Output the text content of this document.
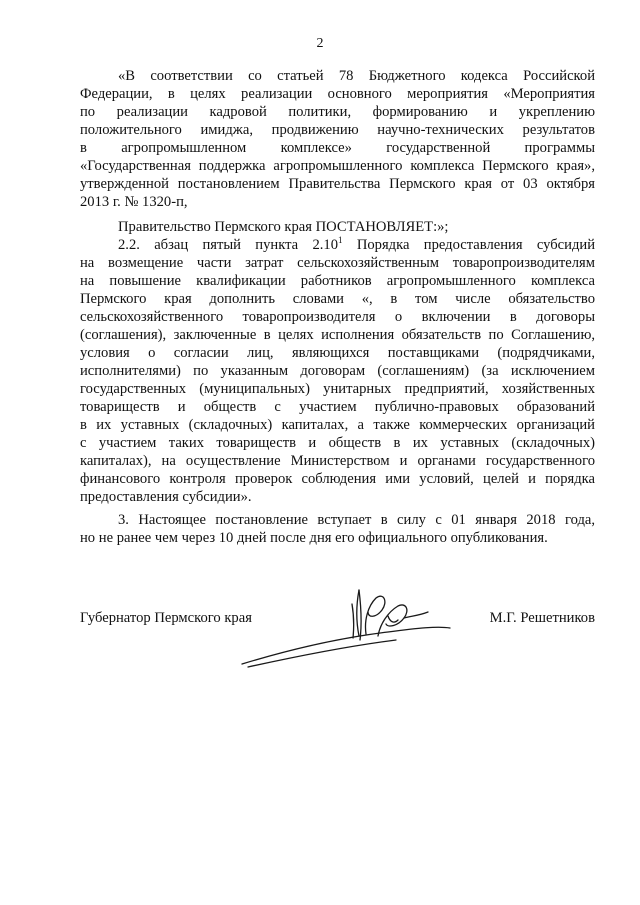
2
«В соответствии со статьей 78 Бюджетного кодекса Российской
Федерации, в целях реализации основного мероприятия «Мероприятия
по реализации кадровой политики, формированию и укреплению
положительного имиджа, продвижению научно-технических результатов
в агропромышленном комплексе» государственной программы
«Государственная поддержка агропромышленного комплекса Пермского края»,
утвержденной постановлением Правительства Пермского края от 03 октября
2013 г. № 1320-п,
Правительство Пермского края ПОСТАНОВЛЯЕТ:»;
2.2. абзац пятый пункта 2.10$^1$ Порядка предоставления субсидий
на возмещение части затрат сельскохозяйственным товаропроизводителям
на повышение квалификации работников агропромышленного комплекса
Пермского края дополнить словами «, в том числе обязательство
сельскохозяйственного товаропроизводителя о включении в договоры
(соглашения), заключенные в целях исполнения обязательств по Соглашению,
условия о согласии лиц, являющихся поставщиками (подрядчиками,
исполнителями) по указанным договорам (соглашениям) (за исключением
государственных (муниципальных) унитарных предприятий, хозяйственных
товариществ и обществ с участием публично-правовых образований
в их уставных (складочных) капиталах, а также коммерческих организаций
с участием таких товариществ и обществ в их уставных (складочных)
капиталах), на осуществление Министерством и органами государственного
финансового контроля проверок соблюдения ими условий, целей и порядка
предоставления субсидии».
3. Настоящее постановление вступает в силу с 01 января 2018 года,
но не ранее чем через 10 дней после дня его официального опубликования.
Губернатор Пермского края	М.Г. Решетников
